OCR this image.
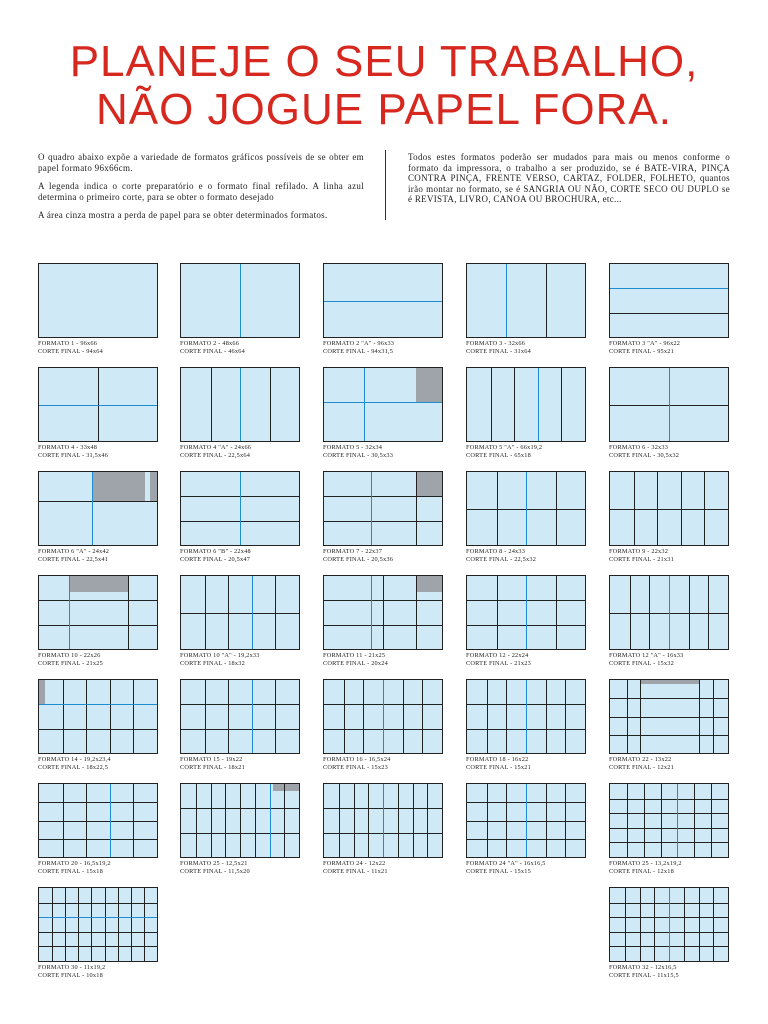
PLANEJE O SEU TRABALHO,
NÃO JOGUE PAPEL FORA.

O quadro abaixo expõe a variedade de formatos gráficos possíveis de se obter em papel formato 96x66cm.

A legenda indica o corte preparatório e o formato final refilado. A linha azul determina o primeiro corte, para se obter o formato desejado

A área cinza mostra a perda de papel para se obter determinados formatos.

Todos estes formatos poderão ser mudados para mais ou menos conforme o formato da impressora, o trabalho a ser produzido, se é BATE-VIRA, PINÇA CONTRA PINÇA, FRENTE VERSO, CARTAZ, FOLDER, FOLHETO, quantos irão montar no formato, se é SANGRIA OU NÃO, CORTE SECO OU DUPLO se é REVISTA, LIVRO, CANOA OU BROCHURA, etc...

FORMATO 1 - 96x66
CORTE FINAL - 94x64
FORMATO 2 - 48x66
CORTE FINAL - 46x64
FORMATO 2 "A" - 96x33
CORTE FINAL - 94x31,5
FORMATO 3 - 32x66
CORTE FINAL - 31x64
FORMATO 3 "A" - 96x22
CORTE FINAL - 95x21
FORMATO 4 - 33x48
CORTE FINAL - 31,5x46
FORMATO 4 "A" - 24x66
CORTE FINAL - 22,5x64
FORMATO 5 - 32x34
CORTE FINAL - 30,5x33
FORMATO 5 "A" - 66x19,2
CORTE FINAL - 65x18
FORMATO 6 - 32x33
CORTE FINAL - 30,5x32
FORMATO 6 "A" - 24x42
CORTE FINAL - 22,5x41
FORMATO 6 "B" - 22x48
CORTE FINAL - 20,5x47
FORMATO 7 - 22x37
CORTE FINAL - 20,5x36
FORMATO 8 - 24x33
CORTE FINAL - 22,5x32
FORMATO 9 - 22x32
CORTE FINAL - 21x31
FORMATO 10 - 22x26
CORTE FINAL - 21x25
FORMATO 10 "A" - 19,2x33
CORTE FINAL - 18x32
FORMATO 11 - 21x25
CORTE FINAL - 20x24
FORMATO 12 - 22x24
CORTE FINAL - 21x23
FORMATO 12 "A" - 16x33
CORTE FINAL - 15x32
FORMATO 14 - 19,2x23,4
CORTE FINAL - 18x22,5
FORMATO 15 - 19x22
CORTE FINAL - 18x21
FORMATO 16 - 16,5x24
CORTE FINAL - 15x23
FORMATO 18 - 16x22
CORTE FINAL - 15x21
FORMATO 22 - 13x22
CORTE FINAL - 12x21
FORMATO 20 - 16,5x19,2
CORTE FINAL - 15x18
FORMATO 25 - 12,5x21
CORTE FINAL - 11,5x20
FORMATO 24 - 12x22
CORTE FINAL - 11x21
FORMATO 24 "A" - 16x16,5
CORTE FINAL - 15x15
FORMATO 25 - 13,2x19,2
CORTE FINAL - 12x18
FORMATO 30 - 11x19,2
CORTE FINAL - 10x18
FORMATO 32 - 12x16,5
CORTE FINAL - 11x15,5
